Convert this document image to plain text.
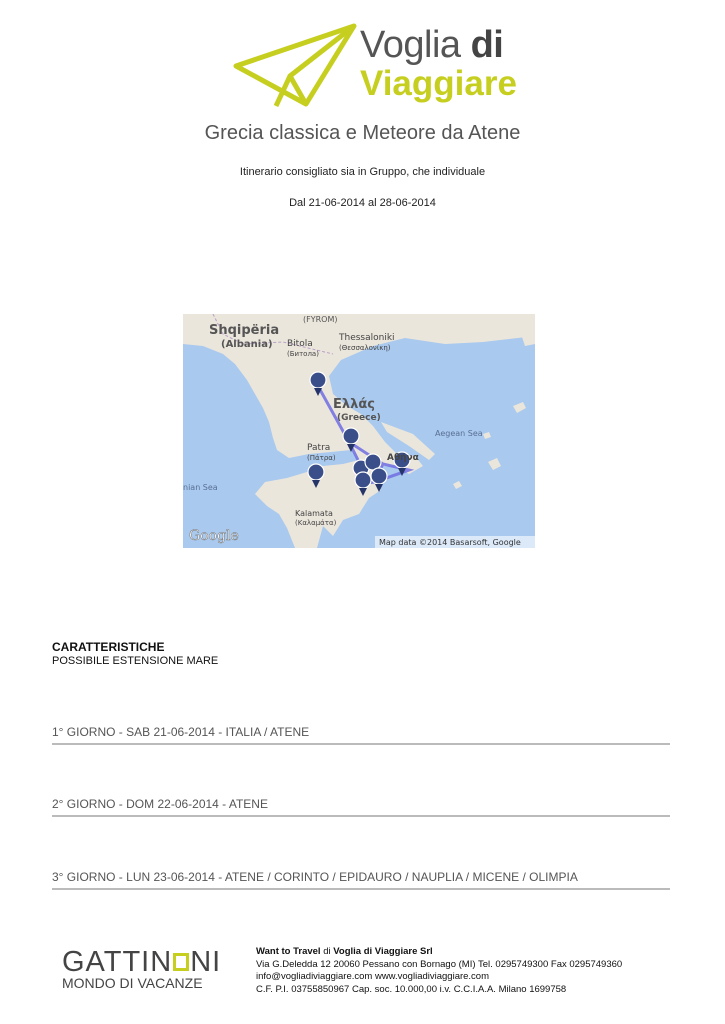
Voglia di
Viaggiare
Grecia classica e Meteore da Atene
Itinerario consigliato sia in Gruppo, che individuale
Dal 21-06-2014 al 28-06-2014
Shqipëria
(Albania)
(FYROM)
Bitola
(Битола)
Thessaloniki
(Θεσσαλονίκη)
Ελλάς
(Greece)
Aegean Sea
Patra
(Πάτρα)
nian Sea
Kalamata
(Καλαμάτα)
Aθήνα
Google	Map data ©2014 Basarsoft, Google
CARATTERISTICHE
POSSIBILE ESTENSIONE MARE
1° GIORNO - SAB 21-06-2014 - ITALIA / ATENE
2° GIORNO - DOM 22-06-2014 - ATENE
3° GIORNO - LUN 23-06-2014 - ATENE / CORINTO / EPIDAURO / NAUPLIA / MICENE / OLIMPIA
GATTIN NI
MONDO DI VACANZE
Want to Travel di Voglia di Viaggiare Srl
Via G.Deledda 12 20060 Pessano con Bornago (MI) Tel. 0295749300 Fax 0295749360
info@vogliadiviaggiare.com www.vogliadiviaggiare.com
C.F. P.I. 03755850967 Cap. soc. 10.000,00 i.v. C.C.I.A.A. Milano 1699758
